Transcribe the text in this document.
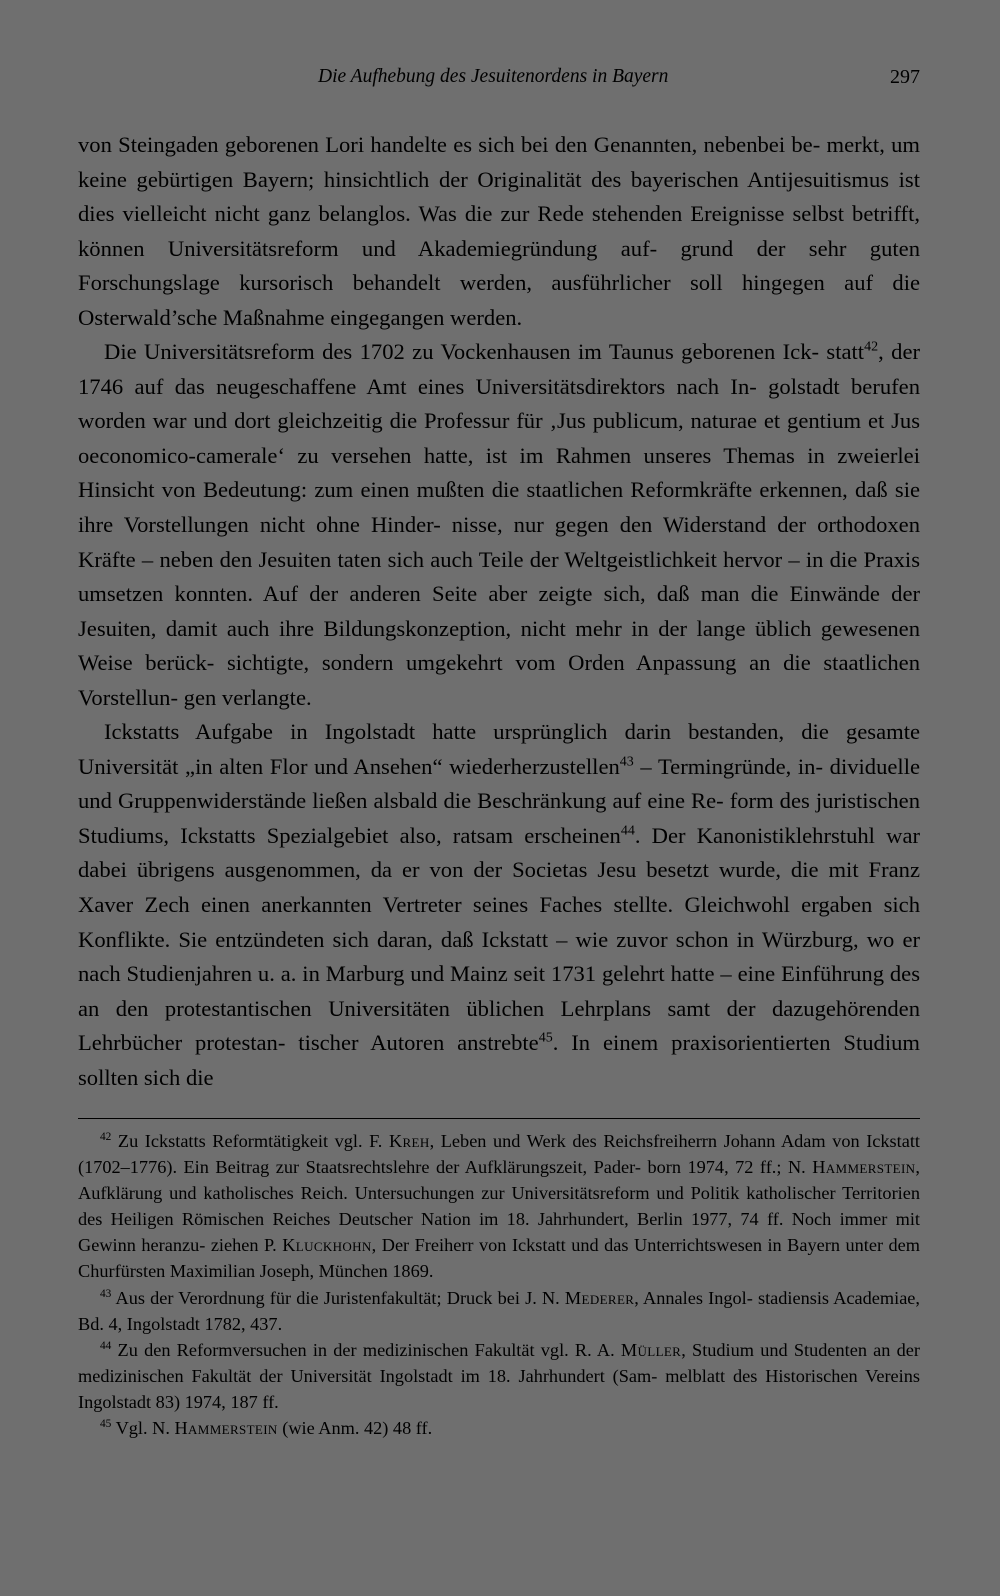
Die Aufhebung des Jesuitenordens in Bayern	297

von Steingaden geborenen Lori handelte es sich bei den Genannten, nebenbei be- merkt, um keine gebürtigen Bayern; hinsichtlich der Originalität des bayerischen Antijesuitismus ist dies vielleicht nicht ganz belanglos. Was die zur Rede stehenden Ereignisse selbst betrifft, können Universitätsreform und Akademiegründung auf- grund der sehr guten Forschungslage kursorisch behandelt werden, ausführlicher soll hingegen auf die Osterwald’sche Maßnahme eingegangen werden.

Die Universitätsreform des 1702 zu Vockenhausen im Taunus geborenen Ick- statt$^{42}$, der 1746 auf das neugeschaffene Amt eines Universitätsdirektors nach In- golstadt berufen worden war und dort gleichzeitig die Professur für ‚Jus publicum, naturae et gentium et Jus oeconomico-camerale‘ zu versehen hatte, ist im Rahmen unseres Themas in zweierlei Hinsicht von Bedeutung: zum einen mußten die staatlichen Reformkräfte erkennen, daß sie ihre Vorstellungen nicht ohne Hinder- nisse, nur gegen den Widerstand der orthodoxen Kräfte – neben den Jesuiten taten sich auch Teile der Weltgeistlichkeit hervor – in die Praxis umsetzen konnten. Auf der anderen Seite aber zeigte sich, daß man die Einwände der Jesuiten, damit auch ihre Bildungskonzeption, nicht mehr in der lange üblich gewesenen Weise berück- sichtigte, sondern umgekehrt vom Orden Anpassung an die staatlichen Vorstellun- gen verlangte.

Ickstatts Aufgabe in Ingolstadt hatte ursprünglich darin bestanden, die gesamte Universität „in alten Flor und Ansehen“ wiederherzustellen$^{43}$ – Termingründe, in- dividuelle und Gruppenwiderstände ließen alsbald die Beschränkung auf eine Re- form des juristischen Studiums, Ickstatts Spezialgebiet also, ratsam erscheinen$^{44}$. Der Kanonistiklehrstuhl war dabei übrigens ausgenommen, da er von der Societas Jesu besetzt wurde, die mit Franz Xaver Zech einen anerkannten Vertreter seines Faches stellte. Gleichwohl ergaben sich Konflikte. Sie entzündeten sich daran, daß Ickstatt – wie zuvor schon in Würzburg, wo er nach Studienjahren u. a. in Marburg und Mainz seit 1731 gelehrt hatte – eine Einführung des an den protestantischen Universitäten üblichen Lehrplans samt der dazugehörenden Lehrbücher protestan- tischer Autoren anstrebte$^{45}$. In einem praxisorientierten Studium sollten sich die

$^{42}$ Zu Ickstatts Reformtätigkeit vgl. F. Kreh, Leben und Werk des Reichsfreiherrn Johann Adam von Ickstatt (1702–1776). Ein Beitrag zur Staatsrechtslehre der Aufklärungszeit, Pader- born 1974, 72 ff.; N. Hammerstein, Aufklärung und katholisches Reich. Untersuchungen zur Universitätsreform und Politik katholischer Territorien des Heiligen Römischen Reiches Deutscher Nation im 18. Jahrhundert, Berlin 1977, 74 ff. Noch immer mit Gewinn heranzu- ziehen P. Kluckhohn, Der Freiherr von Ickstatt und das Unterrichtswesen in Bayern unter dem Churfürsten Maximilian Joseph, München 1869.

$^{43}$ Aus der Verordnung für die Juristenfakultät; Druck bei J. N. Mederer, Annales Ingol- stadiensis Academiae, Bd. 4, Ingolstadt 1782, 437.

$^{44}$ Zu den Reformversuchen in der medizinischen Fakultät vgl. R. A. Müller, Studium und Studenten an der medizinischen Fakultät der Universität Ingolstadt im 18. Jahrhundert (Sam- melblatt des Historischen Vereins Ingolstadt 83) 1974, 187 ff.

$^{45}$ Vgl. N. Hammerstein (wie Anm. 42) 48 ff.
